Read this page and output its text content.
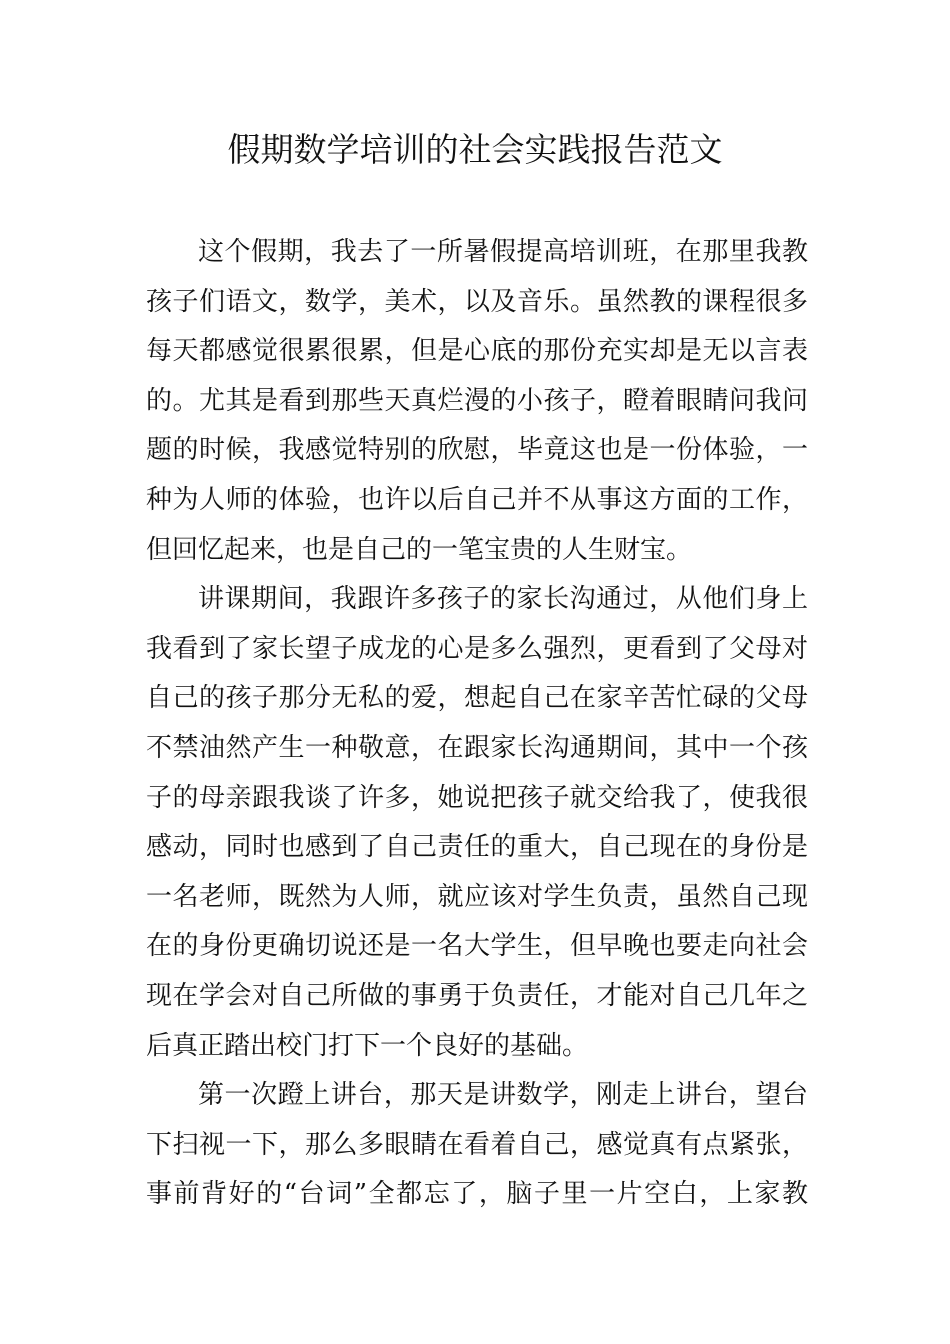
假期数学培训的社会实践报告范文
这个假期，我去了一所暑假提高培训班，在那里我教
孩子们语文，数学，美术，以及音乐。虽然教的课程很多
每天都感觉很累很累，但是心底的那份充实却是无以言表
的。尤其是看到那些天真烂漫的小孩子，瞪着眼睛问我问
题的时候，我感觉特别的欣慰，毕竟这也是一份体验，一
种为人师的体验，也许以后自己并不从事这方面的工作，
但回忆起来，也是自己的一笔宝贵的人生财宝。
讲课期间，我跟许多孩子的家长沟通过，从他们身上
我看到了家长望子成龙的心是多么强烈，更看到了父母对
自己的孩子那分无私的爱，想起自己在家辛苦忙碌的父母
不禁油然产生一种敬意，在跟家长沟通期间，其中一个孩
子的母亲跟我谈了许多，她说把孩子就交给我了，使我很
感动，同时也感到了自己责任的重大，自己现在的身份是
一名老师，既然为人师，就应该对学生负责，虽然自己现
在的身份更确切说还是一名大学生，但早晚也要走向社会
现在学会对自己所做的事勇于负责任，才能对自己几年之
后真正踏出校门打下一个良好的基础。
第一次蹬上讲台，那天是讲数学，刚走上讲台，望台
下扫视一下，那么多眼睛在看着自己，感觉真有点紧张，
事前背好的“台词”全都忘了，脑子里一片空白，上家教
